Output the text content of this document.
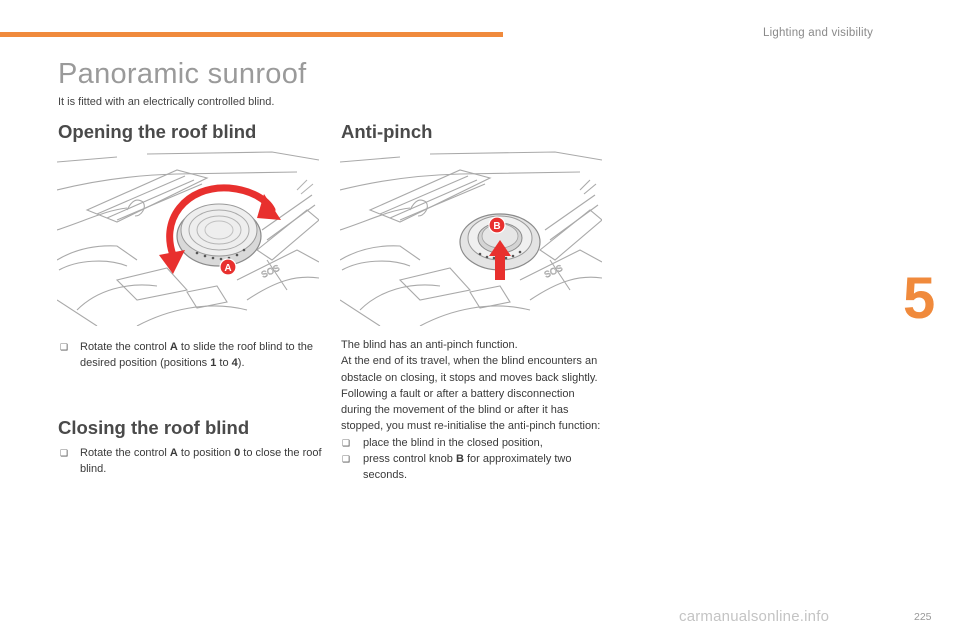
Lighting and visibility
Panoramic sunroof
It is fitted with an electrically controlled blind.
Opening the roof blind	Anti-pinch
A	SOS
B
SOS
❑ Rotate the control A to slide the roof blind to the desired position (positions 1 to 4).
Closing the roof blind
❑ Rotate the control A to position 0 to close the roof blind.

The blind has an anti-pinch function.

At the end of its travel, when the blind encounters an obstacle on closing, it stops and moves back slightly.

Following a fault or after a battery disconnection during the movement of the blind or after it has stopped, you must re-initialise the anti-pinch function:

❑ place the blind in the closed position,

❑ press control knob B for approximately two seconds.

5
225
carmanualsonline.info
